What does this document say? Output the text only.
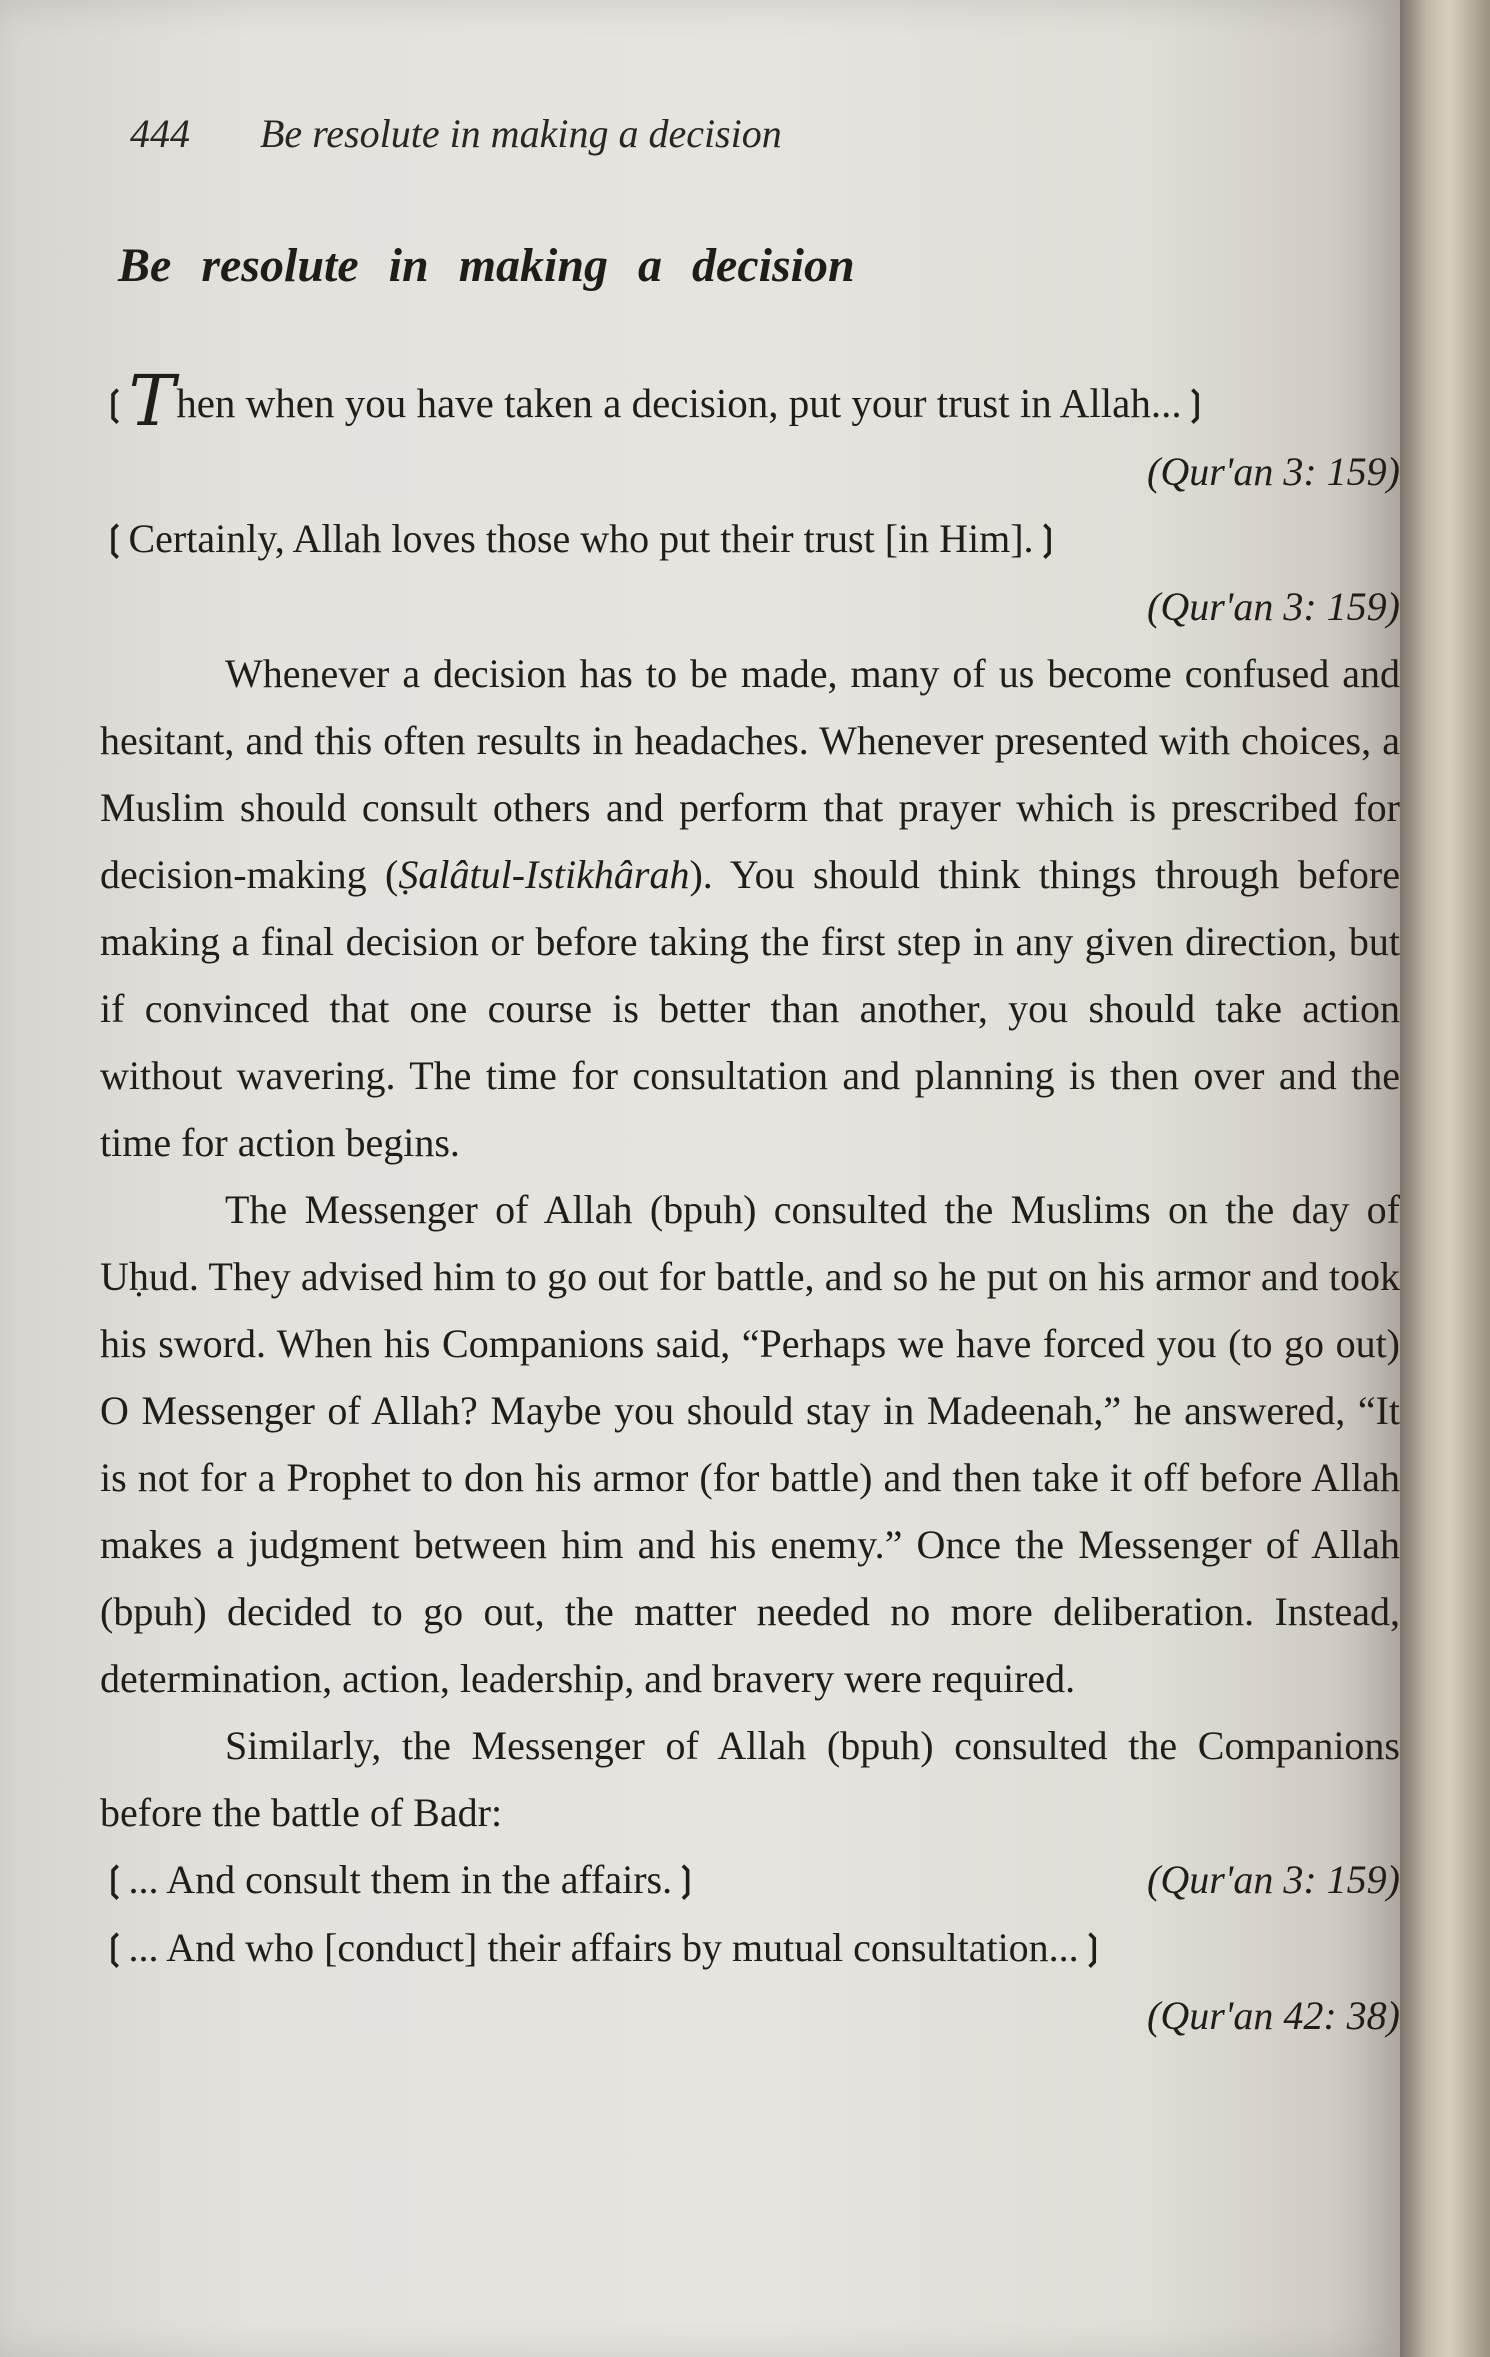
444 Be resolute in making a decision
Be resolute in making a decision
❲Then when you have taken a decision, put your trust in Allah...❳
(Qur'an 3: 159)
❲Certainly, Allah loves those who put their trust [in Him].❳
(Qur'an 3: 159)

Whenever a decision has to be made, many of us become confused and hesitant, and this often results in headaches. Whenever presented with choices, a Muslim should consult others and perform that prayer which is prescribed for decision-making (Ṣalâtul-Istikhârah). You should think things through before making a final decision or before taking the first step in any given direction, but if convinced that one course is better than another, you should take action without wavering. The time for consultation and planning is then over and the time for action begins.

The Messenger of Allah (bpuh) consulted the Muslims on the day of Uḥud. They advised him to go out for battle, and so he put on his armor and took his sword. When his Companions said, “Perhaps we have forced you (to go out) O Messenger of Allah? Maybe you should stay in Madeenah,” he answered, “It is not for a Prophet to don his armor (for battle) and then take it off before Allah makes a judgment between him and his enemy.” Once the Messenger of Allah (bpuh) decided to go out, the matter needed no more deliberation. Instead, determination, action, leadership, and bravery were required.

Similarly, the Messenger of Allah (bpuh) consulted the Companions before the battle of Badr:

❲... And consult them in the affairs.❳	(Qur'an 3: 159)
❲... And who [conduct] their affairs by mutual consultation...❳
(Qur'an 42: 38)
